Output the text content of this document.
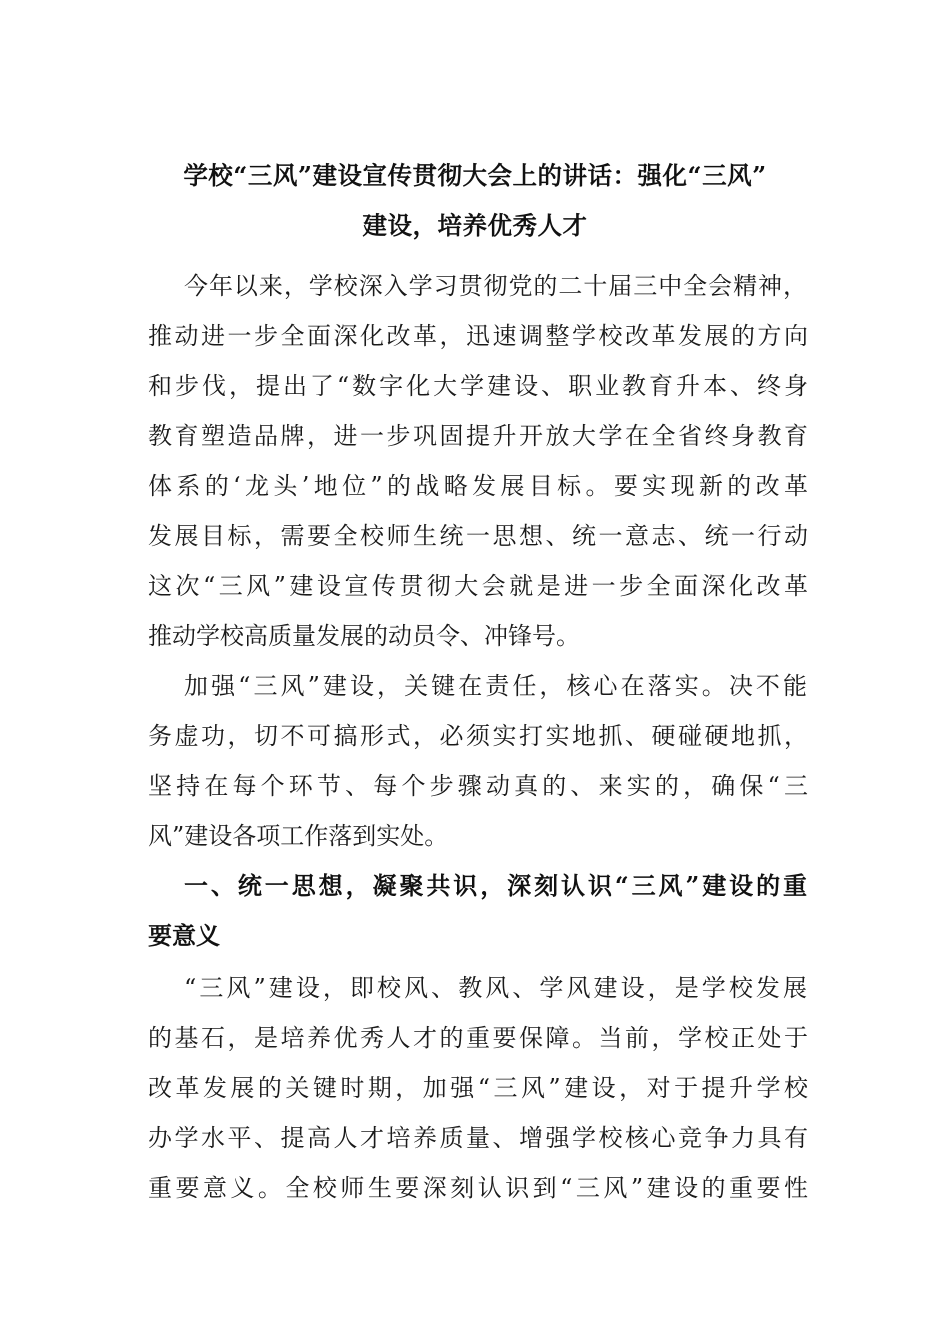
学校“三风”建设宣传贯彻大会上的讲话：强化“三风”
建设，培养优秀人才
今年以来，学校深入学习贯彻党的二十届三中全会精神，
推动进一步全面深化改革，迅速调整学校改革发展的方向
和步伐，提出了“数字化大学建设、职业教育升本、终身
教育塑造品牌，进一步巩固提升开放大学在全省终身教育
体系的‘龙头’地位”的战略发展目标。要实现新的改革
发展目标，需要全校师生统一思想、统一意志、统一行动
这次“三风”建设宣传贯彻大会就是进一步全面深化改革
推动学校高质量发展的动员令、冲锋号。
加强“三风”建设，关键在责任，核心在落实。决不能
务虚功，切不可搞形式，必须实打实地抓、硬碰硬地抓，
坚持在每个环节、每个步骤动真的、来实的，确保“三
风”建设各项工作落到实处。
一、统一思想，凝聚共识，深刻认识“三风”建设的重
要意义
“三风”建设，即校风、教风、学风建设，是学校发展
的基石，是培养优秀人才的重要保障。当前，学校正处于
改革发展的关键时期，加强“三风”建设，对于提升学校
办学水平、提高人才培养质量、增强学校核心竞争力具有
重要意义。全校师生要深刻认识到“三风”建设的重要性
